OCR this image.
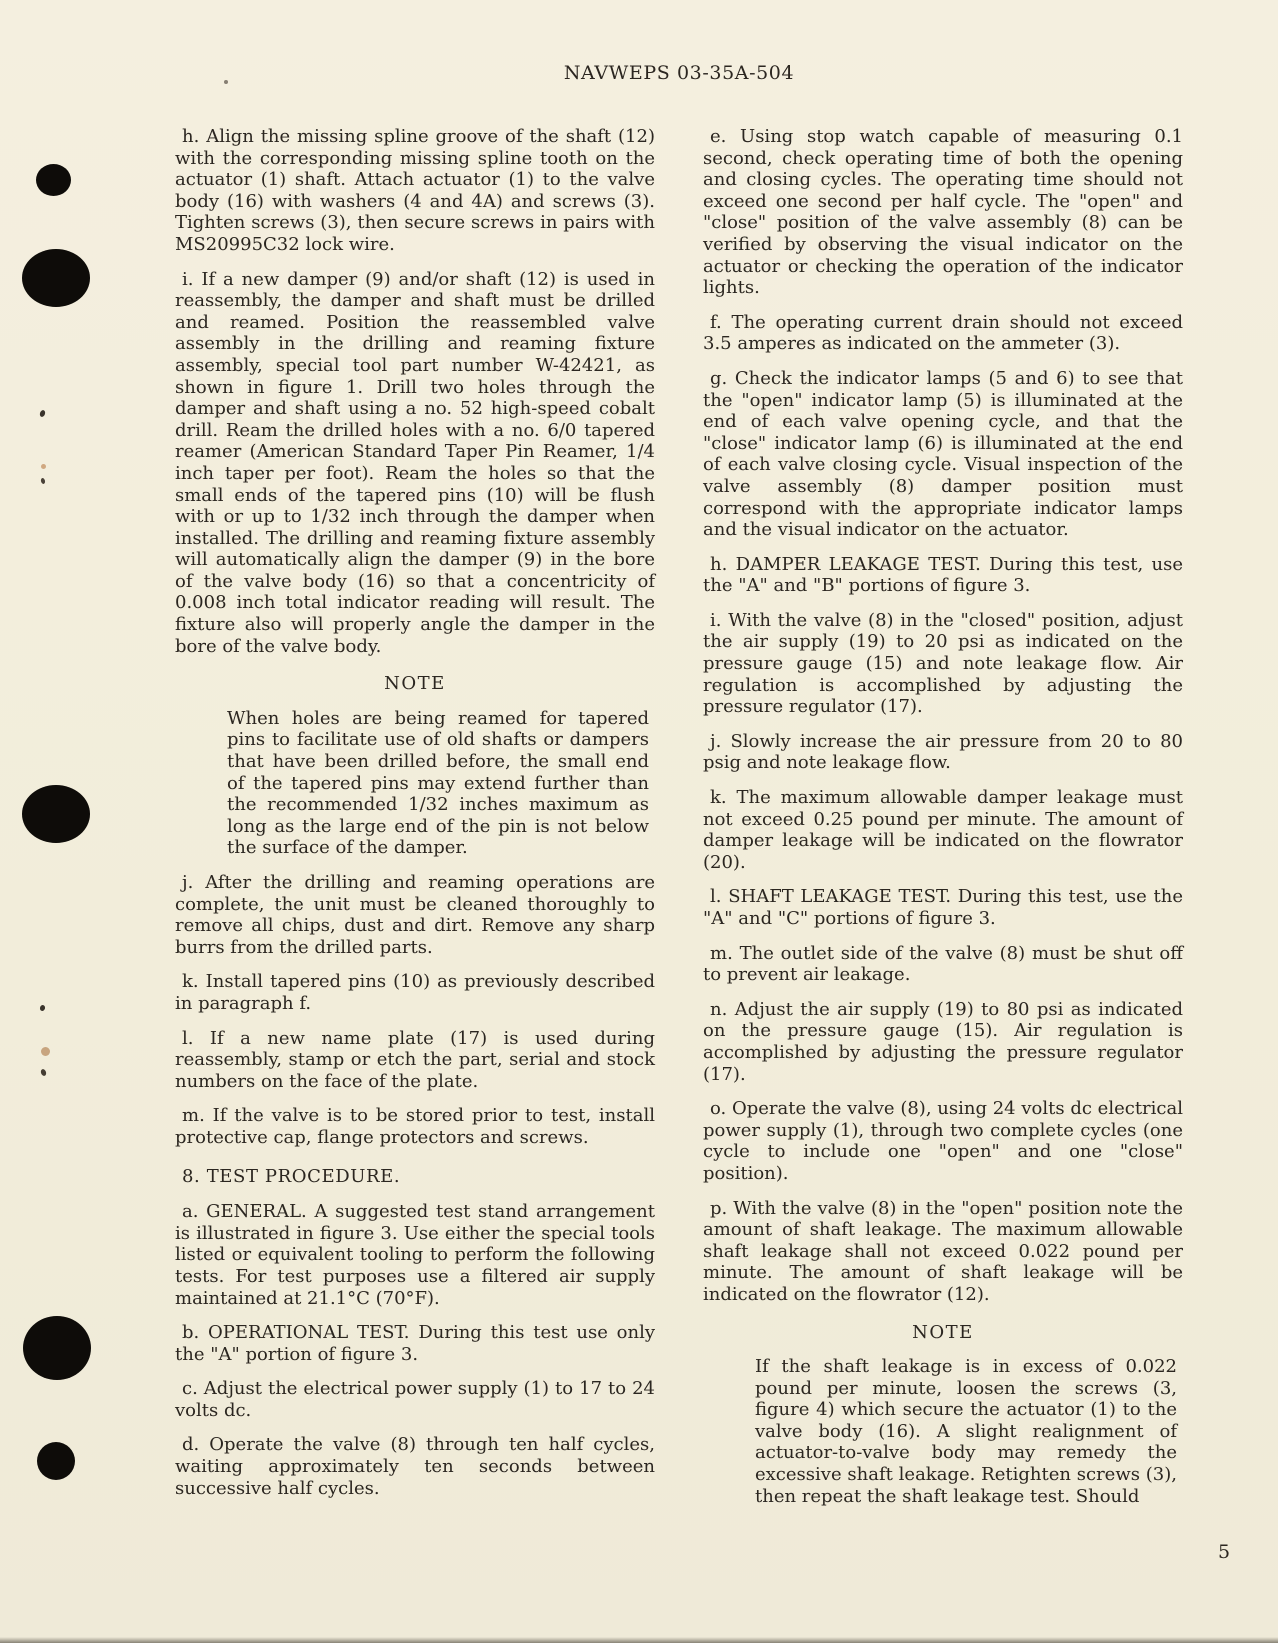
NAVWEPS 03-35A-504
h. Align the missing spline groove of the shaft (12) with the corresponding missing spline tooth on the actuator (1) shaft. Attach actuator (1) to the valve body (16) with washers (4 and 4A) and screws (3). Tighten screws (3), then secure screws in pairs with MS20995C32 lock wire.
i. If a new damper (9) and/or shaft (12) is used in reassembly, the damper and shaft must be drilled and reamed. Position the reassembled valve assembly in the drilling and reaming fixture assembly, special tool part number W-42421, as shown in figure 1. Drill two holes through the damper and shaft using a no. 52 high-speed cobalt drill. Ream the drilled holes with a no. 6/0 tapered reamer (American Standard Taper Pin Reamer, 1/4 inch taper per foot). Ream the holes so that the small ends of the tapered pins (10) will be flush with or up to 1/32 inch through the damper when installed. The drilling and reaming fixture assembly will automatically align the damper (9) in the bore of the valve body (16) so that a concentricity of 0.008 inch total indicator reading will result. The fixture also will properly angle the damper in the bore of the valve body.
NOTE
When holes are being reamed for tapered pins to facilitate use of old shafts or dampers that have been drilled before, the small end of the tapered pins may extend further than the recommended 1/32 inches maximum as long as the large end of the pin is not below the surface of the damper.
j. After the drilling and reaming operations are complete, the unit must be cleaned thoroughly to remove all chips, dust and dirt. Remove any sharp burrs from the drilled parts.
k. Install tapered pins (10) as previously described in paragraph f.
l. If a new name plate (17) is used during reassembly, stamp or etch the part, serial and stock numbers on the face of the plate.
m. If the valve is to be stored prior to test, install protective cap, flange protectors and screws.
8. TEST PROCEDURE.
a. GENERAL. A suggested test stand arrangement is illustrated in figure 3. Use either the special tools listed or equivalent tooling to perform the following tests. For test purposes use a filtered air supply maintained at 21.1°C (70°F).
b. OPERATIONAL TEST. During this test use only the "A" portion of figure 3.
c. Adjust the electrical power supply (1) to 17 to 24 volts dc.
d. Operate the valve (8) through ten half cycles, waiting approximately ten seconds between successive half cycles.
e. Using stop watch capable of measuring 0.1 second, check operating time of both the opening and closing cycles. The operating time should not exceed one second per half cycle. The "open" and "close" position of the valve assembly (8) can be verified by observing the visual indicator on the actuator or checking the operation of the indicator lights.
f. The operating current drain should not exceed 3.5 amperes as indicated on the ammeter (3).
g. Check the indicator lamps (5 and 6) to see that the "open" indicator lamp (5) is illuminated at the end of each valve opening cycle, and that the "close" indicator lamp (6) is illuminated at the end of each valve closing cycle. Visual inspection of the valve assembly (8) damper position must correspond with the appropriate indicator lamps and the visual indicator on the actuator.
h. DAMPER LEAKAGE TEST. During this test, use the "A" and "B" portions of figure 3.
i. With the valve (8) in the "closed" position, adjust the air supply (19) to 20 psi as indicated on the pressure gauge (15) and note leakage flow. Air regulation is accomplished by adjusting the pressure regulator (17).
j. Slowly increase the air pressure from 20 to 80 psig and note leakage flow.
k. The maximum allowable damper leakage must not exceed 0.25 pound per minute. The amount of damper leakage will be indicated on the flowrator (20).
l. SHAFT LEAKAGE TEST. During this test, use the "A" and "C" portions of figure 3.
m. The outlet side of the valve (8) must be shut off to prevent air leakage.
n. Adjust the air supply (19) to 80 psi as indicated on the pressure gauge (15). Air regulation is accomplished by adjusting the pressure regulator (17).
o. Operate the valve (8), using 24 volts dc electrical power supply (1), through two complete cycles (one cycle to include one "open" and one "close" position).
p. With the valve (8) in the "open" position note the amount of shaft leakage. The maximum allowable shaft leakage shall not exceed 0.022 pound per minute. The amount of shaft leakage will be indicated on the flowrator (12).
NOTE
If the shaft leakage is in excess of 0.022 pound per minute, loosen the screws (3, figure 4) which secure the actuator (1) to the valve body (16). A slight realignment of actuator-to-valve body may remedy the excessive shaft leakage. Retighten screws (3), then repeat the shaft leakage test. Should
5
